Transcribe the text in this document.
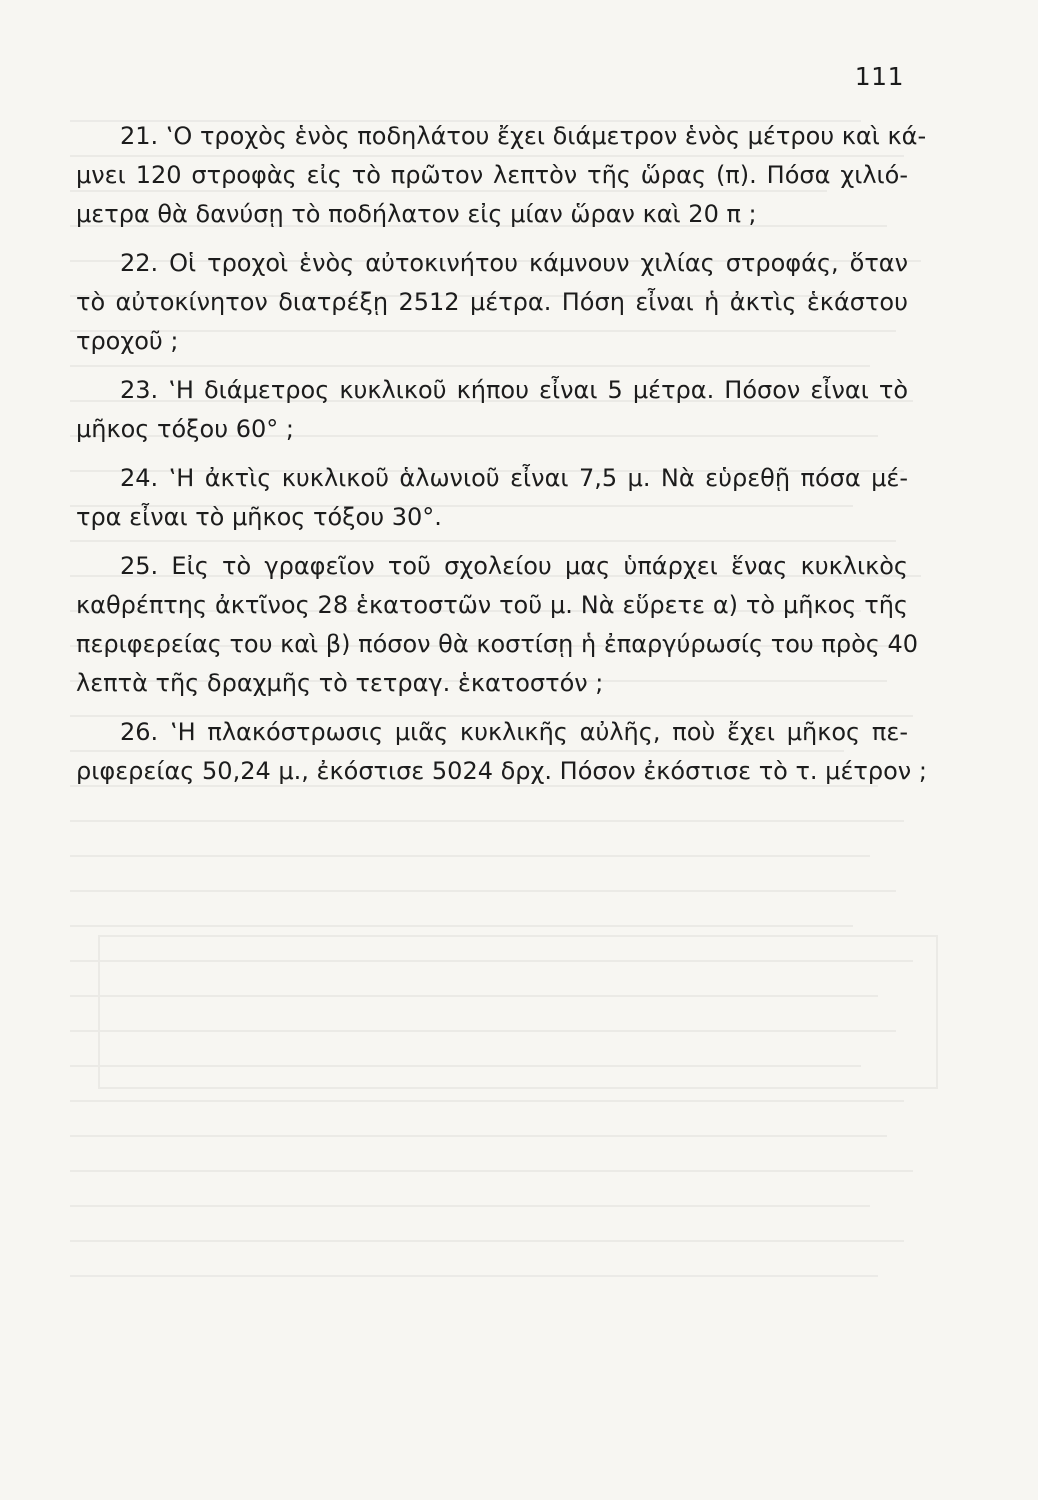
111
21. ‛Ο τροχὸς ἑνὸς ποδηλάτου ἔχει διάμετρον ἑνὸς μέτρου καὶ κά-
μνει 120 στροφὰς εἰς τὸ πρῶτον λεπτὸν τῆς ὥρας (π). Πόσα χιλιό-
μετρα θὰ δανύσῃ τὸ ποδήλατον εἰς μίαν ὥραν καὶ 20 π ;
22. Οἱ τροχοὶ ἑνὸς αὐτοκινήτου κάμνουν χιλίας στροφάς, ὅταν
τὸ αὐτοκίνητον διατρέξῃ 2512 μέτρα. Πόση εἶναι ἡ ἀκτὶς ἑκάστου
τροχοῦ ;
23. ‛Η διάμετρος κυκλικοῦ κήπου εἶναι 5 μέτρα. Πόσον εἶναι τὸ
μῆκος τόξου 60° ;
24. ‛Η ἀκτὶς κυκλικοῦ ἁλωνιοῦ εἶναι 7,5 μ. Νὰ εὑρεθῇ πόσα μέ-
τρα εἶναι τὸ μῆκος τόξου 30°.
25. Εἰς τὸ γραφεῖον τοῦ σχολείου μας ὑπάρχει ἕνας κυκλικὸς
καθρέπτης ἀκτῖνος 28 ἑκατοστῶν τοῦ μ. Νὰ εὕρετε α) τὸ μῆκος τῆς
περιφερείας του καὶ β) πόσον θὰ κοστίσῃ ἡ ἐπαργύρωσίς του πρὸς 40
λεπτὰ τῆς δραχμῆς τὸ τετραγ. ἑκατοστόν ;
26. ‛Η πλακόστρωσις μιᾶς κυκλικῆς αὐλῆς, ποὺ ἔχει μῆκος πε-
ριφερείας 50,24 μ., ἐκόστισε 5024 δρχ. Πόσον ἐκόστισε τὸ τ. μέτρον ;
